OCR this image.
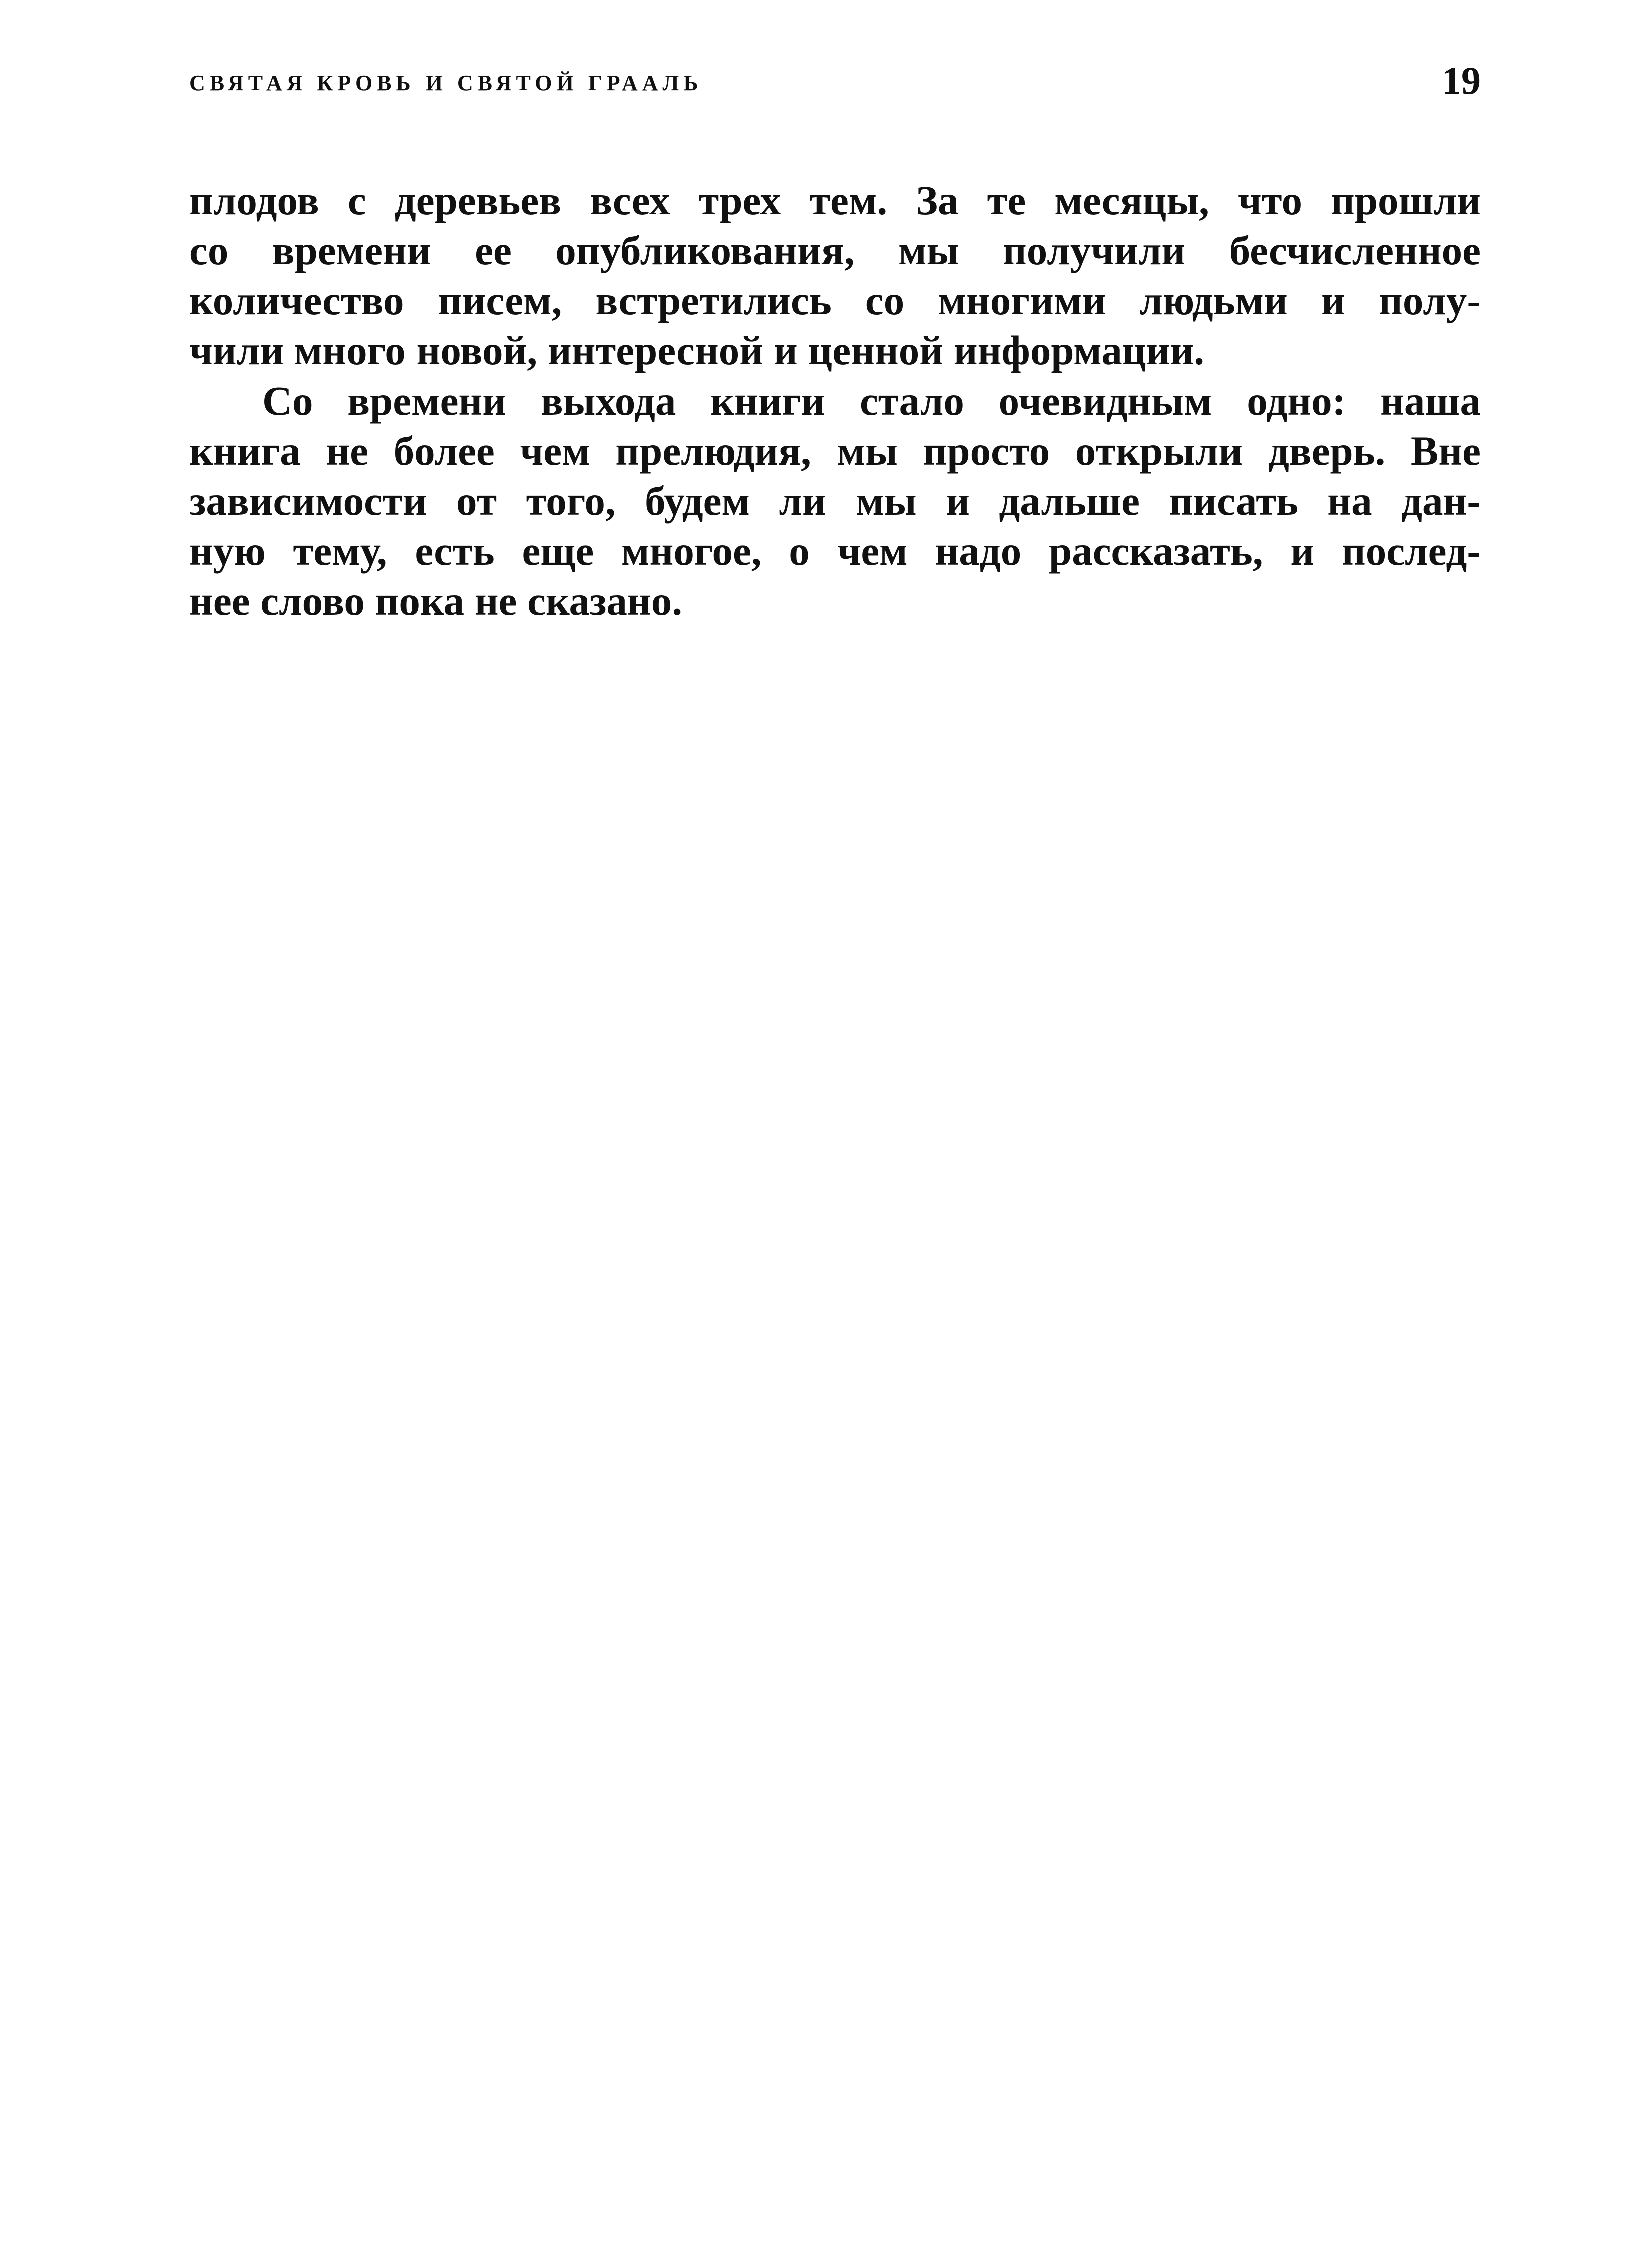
СВЯТАЯ КРОВЬ И СВЯТОЙ ГРААЛЬ	19
плодов с деревьев всех трех тем. За те месяцы, что прошли
со времени ее опубликования, мы получили бесчисленное
количество писем, встретились со многими людьми и полу-
чили много новой, интересной и ценной информации.
Со времени выхода книги стало очевидным одно: наша
книга не более чем прелюдия, мы просто открыли дверь. Вне
зависимости от того, будем ли мы и дальше писать на дан-
ную тему, есть еще многое, о чем надо рассказать, и послед-
нее слово пока не сказано.
